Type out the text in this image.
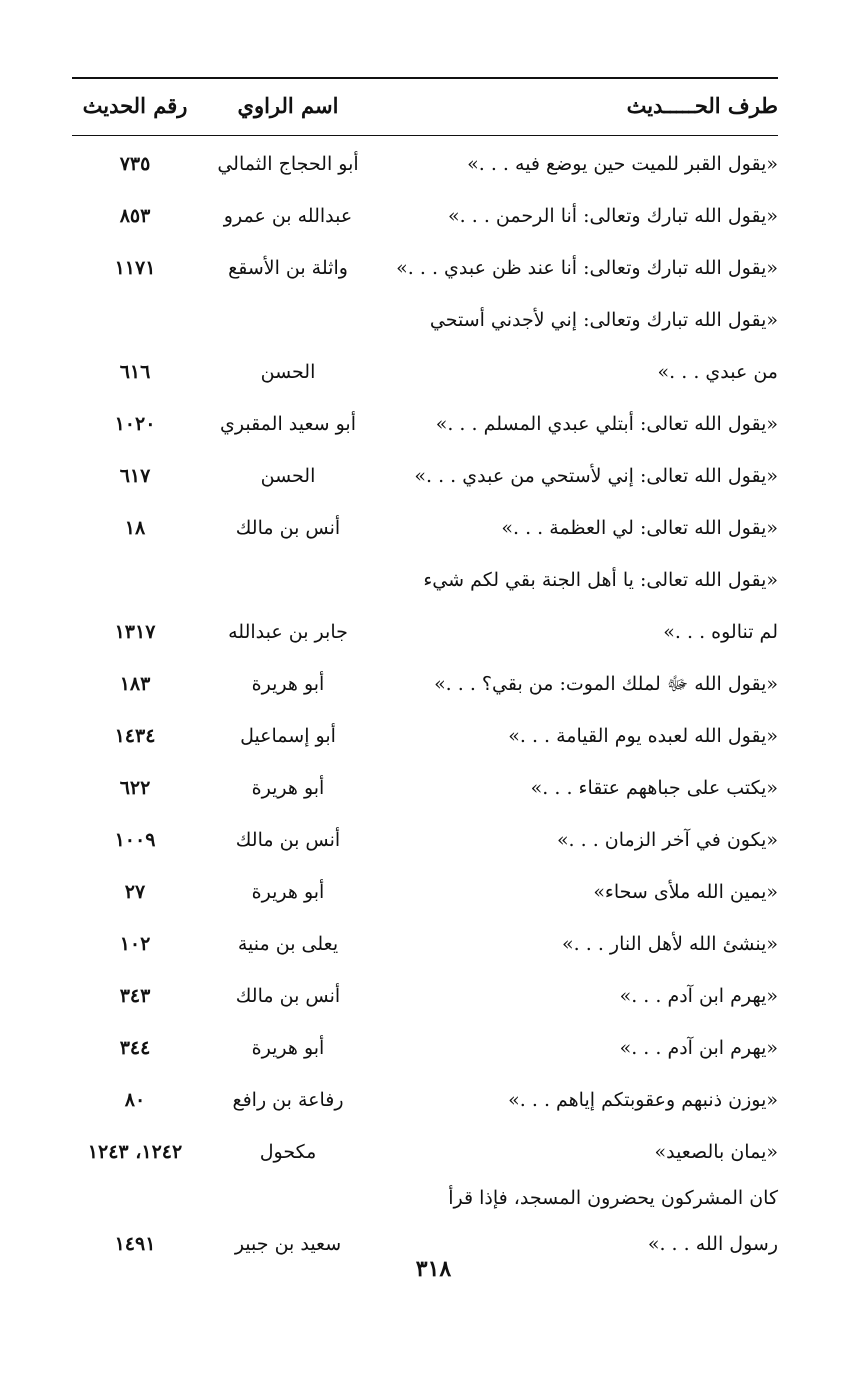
طرف الحـــــديث
اسم الراوي
رقم الحديث
«يقول القبر للميت حين يوضع فيه . . .»
أبو الحجاج الثمالي
٧٣٥
«يقول الله تبارك وتعالى: أنا الرحمن . . .»
عبدالله بن عمرو
٨٥٣
«يقول الله تبارك وتعالى: أنا عند ظن عبدي . . .»
واثلة بن الأسقع
١١٧١
«يقول الله تبارك وتعالى: إني لأجدني أستحي
من عبدي . . .»
الحسن
٦١٦
«يقول الله تعالى: أبتلي عبدي المسلم . . .»
أبو سعيد المقبري
١٠٢٠
«يقول الله تعالى: إني لأستحي من عبدي . . .»
الحسن
٦١٧
«يقول الله تعالى: لي العظمة . . .»
أنس بن مالك
١٨
«يقول الله تعالى: يا أهل الجنة بقي لكم شيء
لم تنالوه . . .»
جابر بن عبدالله
١٣١٧
«يقول الله ﷻ لملك الموت: من بقي؟ . . .»
أبو هريرة
١٨٣
«يقول الله لعبده يوم القيامة . . .»
أبو إسماعيل
١٤٣٤
«يكتب على جباههم عتقاء . . .»
أبو هريرة
٦٢٢
«يكون في آخر الزمان . . .»
أنس بن مالك
١٠٠٩
«يمين الله ملأى سحاء»
أبو هريرة
٢٧
«ينشئ الله لأهل النار . . .»
يعلى بن منية
١٠٢
«يهرم ابن آدم . . .»
أنس بن مالك
٣٤٣
«يهرم ابن آدم . . .»
أبو هريرة
٣٤٤
«يوزن ذنبهم وعقوبتكم إياهم . . .»
رفاعة بن رافع
٨٠
«يمان بالصعيد»
مكحول
١٢٤٢، ١٢٤٣
كان المشركون يحضرون المسجد، فإذا قرأ
رسول الله . . .»
سعيد بن جبير
١٤٩١
٣١٨
